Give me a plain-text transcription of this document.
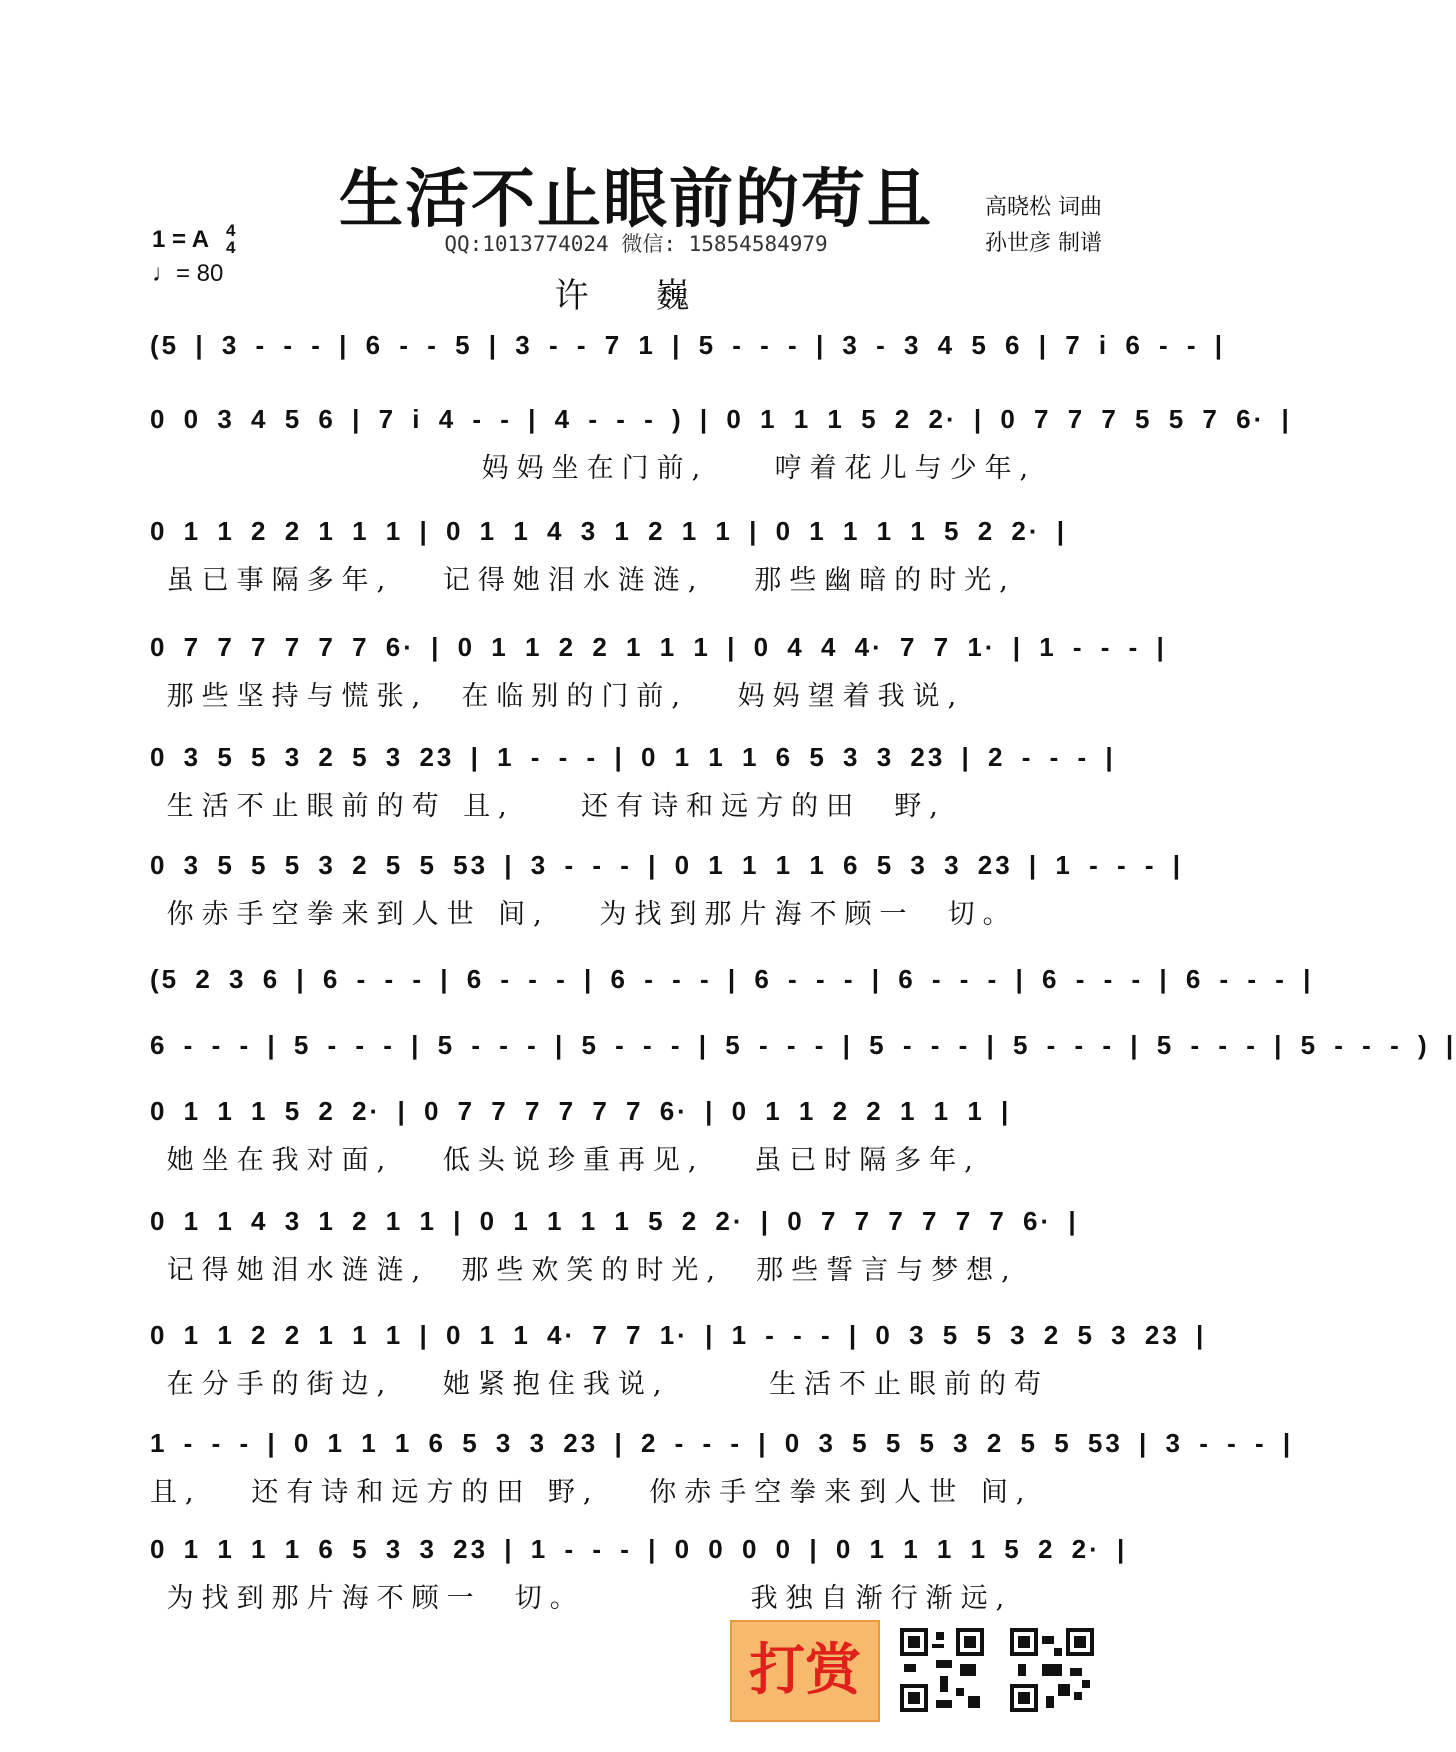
生活不止眼前的苟且	高晓松 词曲
孙世彦 制谱
QQ:1013774024 微信: 15854584979
许 巍
1 = A 4
4
♩= 80
(5 | 3 - - - | 6 - - 5 | 3 - - 7 1 | 5 - - - | 3 - 3 4 5 6 | 7 i 6 - - |
0 0 3 4 5 6 | 7 i 4 - - | 4 - - - ) | 0 1 1 1 5 2 2· | 0 7 7 7 5 5 7 6· |
妈妈坐在门前,    哼着花儿与少年,
0 1 1 2 2 1 1 1 | 0 1 1 4 3 1 2 1 1 | 0 1 1 1 1 5 2 2· |
虽已事隔多年,   记得她泪水涟涟,   那些幽暗的时光,
0 7 7 7 7 7 7 6· | 0 1 1 2 2 1 1 1 | 0 4 4 4· 7 7 1· | 1 - - - |
那些坚持与慌张,  在临别的门前,   妈妈望着我说,
0 3 5 5 3 2 5 3 23 | 1 - - - | 0 1 1 1 6 5 3 3 23 | 2 - - - |
生活不止眼前的苟 且,    还有诗和远方的田  野,
0 3 5 5 5 3 2 5 5 53 | 3 - - - | 0 1 1 1 1 6 5 3 3 23 | 1 - - - |
你赤手空拳来到人世 间,   为找到那片海不顾一  切。
(5 2 3 6 | 6 - - - | 6 - - - | 6 - - - | 6 - - - | 6 - - - | 6 - - - | 6 - - - |
6 - - - | 5 - - - | 5 - - - | 5 - - - | 5 - - - | 5 - - - | 5 - - - | 5 - - - | 5 - - - ) |
0 1 1 1 5 2 2· | 0 7 7 7 7 7 7 6· | 0 1 1 2 2 1 1 1 |
她坐在我对面,   低头说珍重再见,   虽已时隔多年,
0 1 1 4 3 1 2 1 1 | 0 1 1 1 1 5 2 2· | 0 7 7 7 7 7 7 6· |
记得她泪水涟涟,  那些欢笑的时光,  那些誓言与梦想,
0 1 1 2 2 1 1 1 | 0 1 1 4· 7 7 1· | 1 - - - | 0 3 5 5 3 2 5 3 23 |
在分手的街边,   她紧抱住我说,      生活不止眼前的苟
1 - - - | 0 1 1 1 6 5 3 3 23 | 2 - - - | 0 3 5 5 5 3 2 5 5 53 | 3 - - - |
且,   还有诗和远方的田 野,   你赤手空拳来到人世 间,
0 1 1 1 1 6 5 3 3 23 | 1 - - - | 0 0 0 0 | 0 1 1 1 1 5 2 2· |
为找到那片海不顾一  切。          我独自渐行渐远,
打赏
